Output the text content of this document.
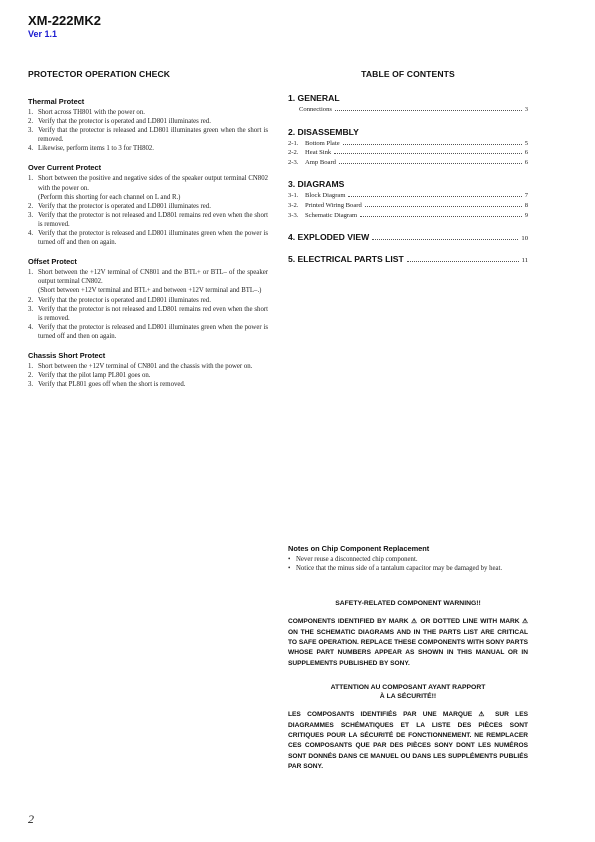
XM-222MK2
Ver 1.1
PROTECTOR OPERATION CHECK
Thermal Protect
1. Short across TH801 with the power on.
2. Verify that the protector is operated and LD801 illuminates red.
3. Verify that the protector is released and LD801 illuminates green when the short is removed.
4. Likewise, perform items 1 to 3 for TH802.
Over Current Protect
1. Short between the positive and negative sides of the speaker output terminal CN802 with the power on.
(Perform this shorting for each channel on L and R.)
2. Verify that the protector is operated and LD801 illuminates red.
3. Verify that the protector is not released and LD801 remains red even when the short is removed.
4. Verify that the protector is released and LD801 illuminates green when the power is turned off and then on again.
Offset Protect
1. Short between the +12V terminal of CN801 and the BTL+ or BTL– of the speaker output terminal CN802.
(Short between +12V terminal and BTL+ and between +12V terminal and BTL–.)
2. Verify that the protector is operated and LD801 illuminates red.
3. Verify that the protector is not released and LD801 remains red even when the short is removed.
4. Verify that the protector is released and LD801 illuminates green when the power is turned off and then on again.
Chassis Short Protect
1. Short between the +12V terminal of CN801 and the chassis with the power on.
2. Verify that the pilot lamp PL801 goes on.
3. Verify that PL801 goes off when the short is removed.
TABLE OF CONTENTS
1. GENERAL
Connections	3
2. DISASSEMBLY
2-1. Bottom Plate	5
2-2. Heat Sink	6
2-3. Amp Board	6
3. DIAGRAMS
3-1. Block Diagram	7
3-2. Printed Wiring Board	8
3-3. Schematic Diagram	9
4. EXPLODED VIEW	10
5. ELECTRICAL PARTS LIST	11
Notes on Chip Component Replacement
• Never reuse a disconnected chip component.
• Notice that the minus side of a tantalum capacitor may be damaged by heat.
SAFETY-RELATED COMPONENT WARNING!!
COMPONENTS IDENTIFIED BY MARK ⚠ OR DOTTED LINE WITH MARK ⚠ ON THE SCHEMATIC DIAGRAMS AND IN THE PARTS LIST ARE CRITICAL TO SAFE OPERATION. REPLACE THESE COMPONENTS WITH SONY PARTS WHOSE PART NUMBERS APPEAR AS SHOWN IN THIS MANUAL OR IN SUPPLEMENTS PUBLISHED BY SONY.
ATTENTION AU COMPOSANT AYANT RAPPORT
À LA SÉCURITÉ!!
LES COMPOSANTS IDENTIFIÉS PAR UNE MARQUE ⚠ SUR LES DIAGRAMMES SCHÉMATIQUES ET LA LISTE DES PIÈCES SONT CRITIQUES POUR LA SÉCURITÉ DE FONCTIONNEMENT. NE REMPLACER CES COMPOSANTS QUE PAR DES PIÈCES SONY DONT LES NUMÉROS SONT DONNÉS DANS CE MANUEL OU DANS LES SUPPLÉMENTS PUBLIÉS PAR SONY.
2
